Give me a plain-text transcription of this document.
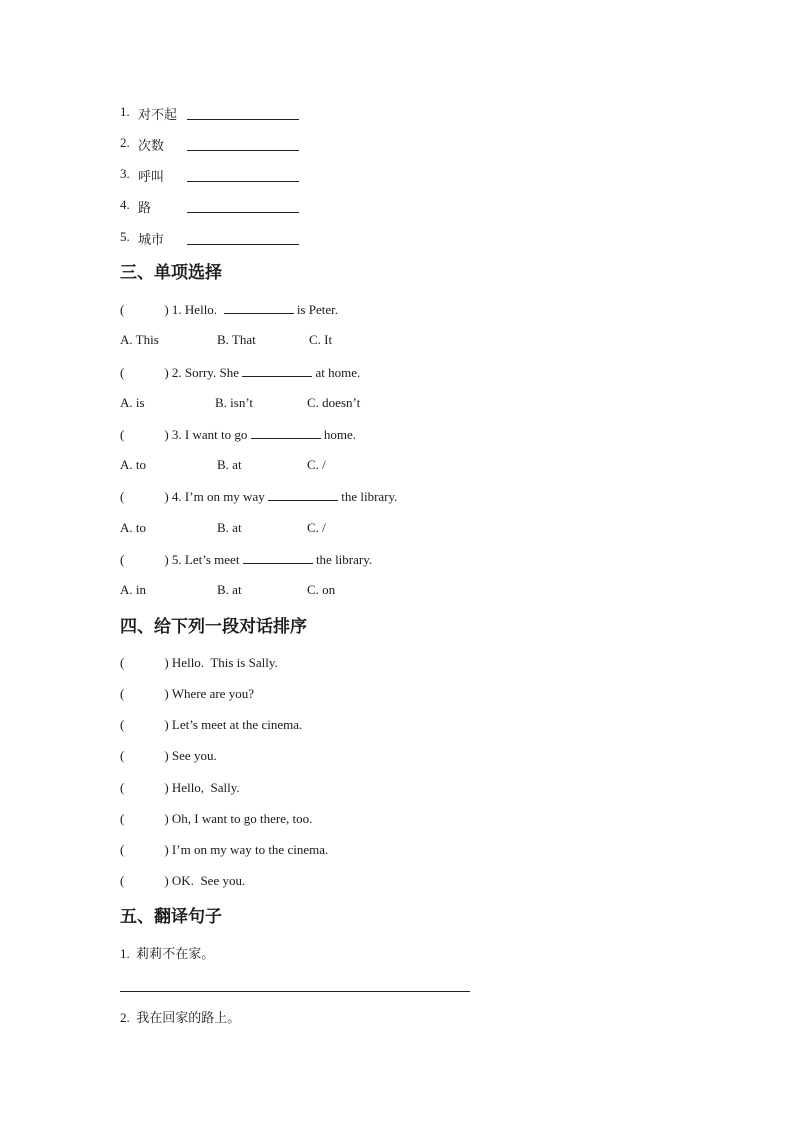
1. 对不起
2. 次数
3. 呼叫
4. 路
5. 城市
三、单项选择
(	) 1. Hello.	is Peter.
A. This	B. That	C. It
(	) 2. Sorry. She	at home.
A. is	B. isn’t	C. doesn’t
(	) 3. I want to go	home.
A. to	B. at	C. /
(	) 4. I’m on my way	the library.
A. to	B. at	C. /
(	) 5. Let’s meet	the library.
A. in	B. at	C. on
四、给下列一段对话排序
(	) Hello.  This is Sally.
(	) Where are you?
(	) Let’s meet at the cinema.
(	) See you.
(	) Hello,  Sally.
(	) Oh, I want to go there, too.
(	) I’m on my way to the cinema.
(	) OK.  See you.
五、翻译句子
1. 莉莉不在家。
2. 我在回家的路上。
